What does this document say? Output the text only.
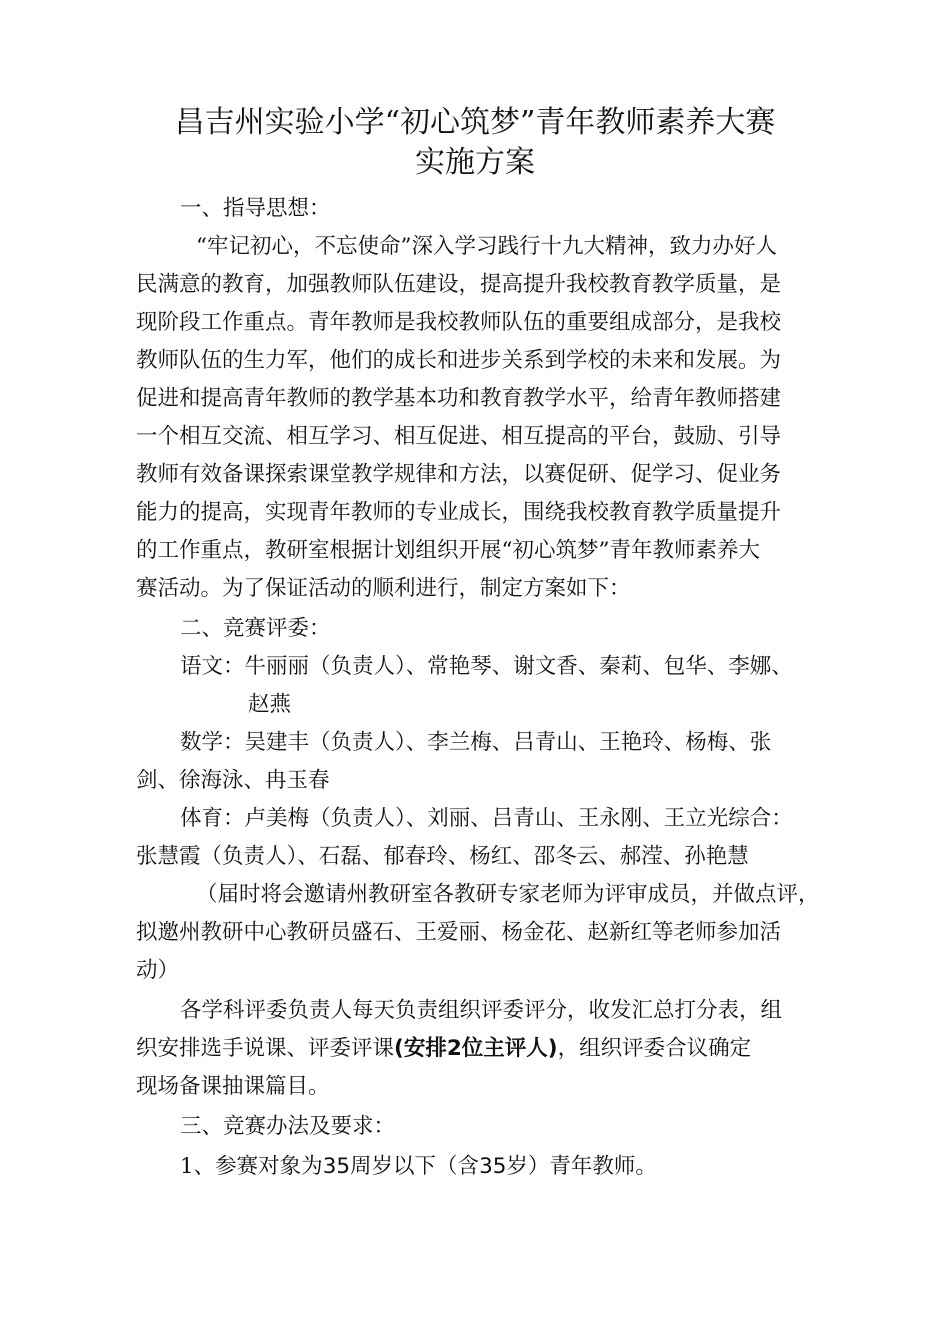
昌吉州实验小学“初心筑梦”青年教师素养大赛
实施方案

一、指导思想：

“牢记初心，不忘使命”深入学习践行十九大精神，致力办好人

民满意的教育，加强教师队伍建设，提高提升我校教育教学质量，是

现阶段工作重点。青年教师是我校教师队伍的重要组成部分，是我校

教师队伍的生力军，他们的成长和进步关系到学校的未来和发展。为

促进和提高青年教师的教学基本功和教育教学水平，给青年教师搭建

一个相互交流、相互学习、相互促进、相互提高的平台，鼓励、引导

教师有效备课探索课堂教学规律和方法，以赛促研、促学习、促业务

能力的提高，实现青年教师的专业成长，围绕我校教育教学质量提升

的工作重点，教研室根据计划组织开展“初心筑梦”青年教师素养大

赛活动。为了保证活动的顺利进行，制定方案如下：

二、竞赛评委：

语文：牛丽丽（负责人）、常艳琴、谢文香、秦莉、包华、李娜、

赵燕

数学：吴建丰（负责人）、李兰梅、吕青山、王艳玲、杨梅、张

剑、徐海泳、冉玉春

体育：卢美梅（负责人）、刘丽、吕青山、王永刚、王立光综合：

张慧霞（负责人）、石磊、郁春玲、杨红、邵冬云、郝滢、孙艳慧

（届时将会邀请州教研室各教研专家老师为评审成员，并做点评，

拟邀州教研中心教研员盛石、王爱丽、杨金花、赵新红等老师参加活

动）

各学科评委负责人每天负责组织评委评分，收发汇总打分表，组

织安排选手说课、评委评课(安排2位主评人)，组织评委合议确定

现场备课抽课篇目。

三、竞赛办法及要求：

1、参赛对象为35周岁以下（含35岁）青年教师。
